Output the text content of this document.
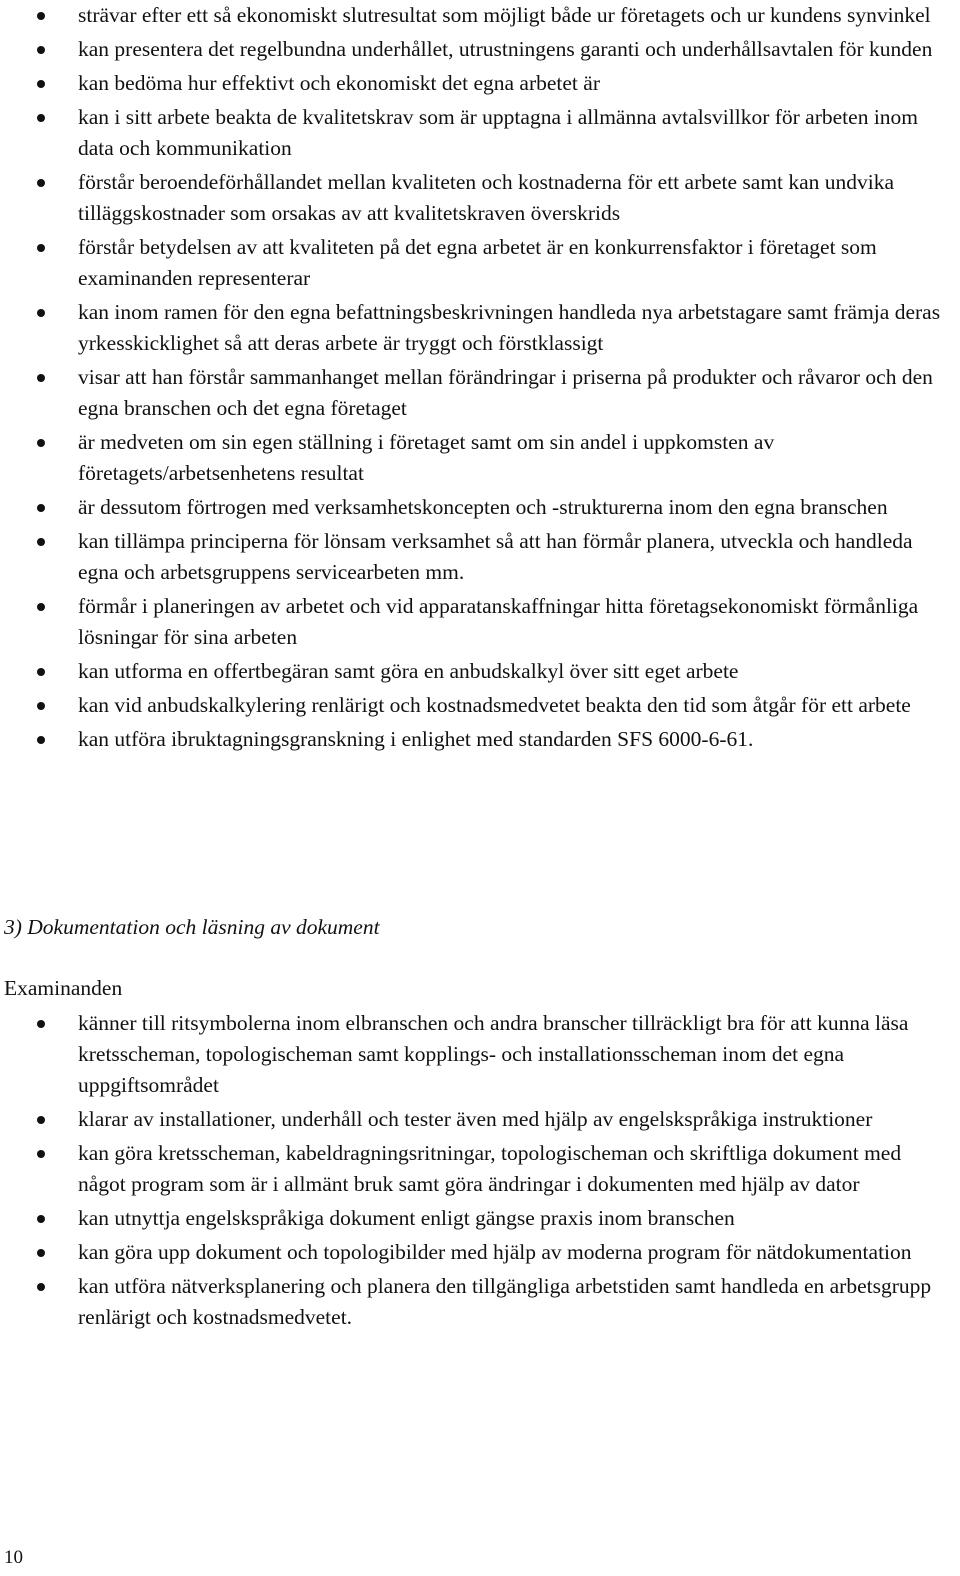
strävar efter ett så ekonomiskt slutresultat som möjligt både ur företagets och ur kundens synvinkel
kan presentera det regelbundna underhållet, utrustningens garanti och underhållsavtalen för kunden
kan bedöma hur effektivt och ekonomiskt det egna arbetet är
kan i sitt arbete beakta de kvalitetskrav som är upptagna i allmänna avtalsvillkor för arbeten inom data och kommunikation
förstår beroendeförhållandet mellan kvaliteten och kostnaderna för ett arbete samt kan undvika tilläggskostnader som orsakas av att kvalitetskraven överskrids
förstår betydelsen av att kvaliteten på det egna arbetet är en konkurrensfaktor i företaget som examinanden representerar
kan inom ramen för den egna befattningsbeskrivningen handleda nya arbetstagare samt främja deras yrkesskicklighet så att deras arbete är tryggt och förstklassigt
visar att han förstår sammanhanget mellan förändringar i priserna på produkter och råvaror och den egna branschen och det egna företaget
är medveten om sin egen ställning i företaget samt om sin andel i uppkomsten av företagets/arbetsenhetens resultat
är dessutom förtrogen med verksamhetskoncepten och -strukturerna inom den egna branschen
kan tillämpa principerna för lönsam verksamhet så att han förmår planera, utveckla och handleda egna och arbetsgruppens servicearbeten mm.
förmår i planeringen av arbetet och vid apparatanskaffningar hitta företagsekonomiskt förmånliga lösningar för sina arbeten
kan utforma en offertbegäran samt göra en anbudskalkyl över sitt eget arbete
kan vid anbudskalkylering renlärigt och kostnadsmedvetet beakta den tid som åtgår för ett arbete
kan utföra ibruktagningsgranskning i enlighet med standarden SFS 6000-6-61.
3) Dokumentation och läsning av dokument

Examinanden

känner till ritsymbolerna inom elbranschen och andra branscher tillräckligt bra för att kunna läsa kretsscheman, topologischeman samt kopplings- och installationsscheman inom det egna uppgiftsområdet
klarar av installationer, underhåll och tester även med hjälp av engelskspråkiga instruktioner
kan göra kretsscheman, kabeldragningsritningar, topologischeman och skriftliga dokument med något program som är i allmänt bruk samt göra ändringar i dokumenten med hjälp av dator
kan utnyttja engelskspråkiga dokument enligt gängse praxis inom branschen
kan göra upp dokument och topologibilder med hjälp av moderna program för nätdokumentation
kan utföra nätverksplanering och planera den tillgängliga arbetstiden samt handleda en arbetsgrupp renlärigt och kostnadsmedvetet.
10
